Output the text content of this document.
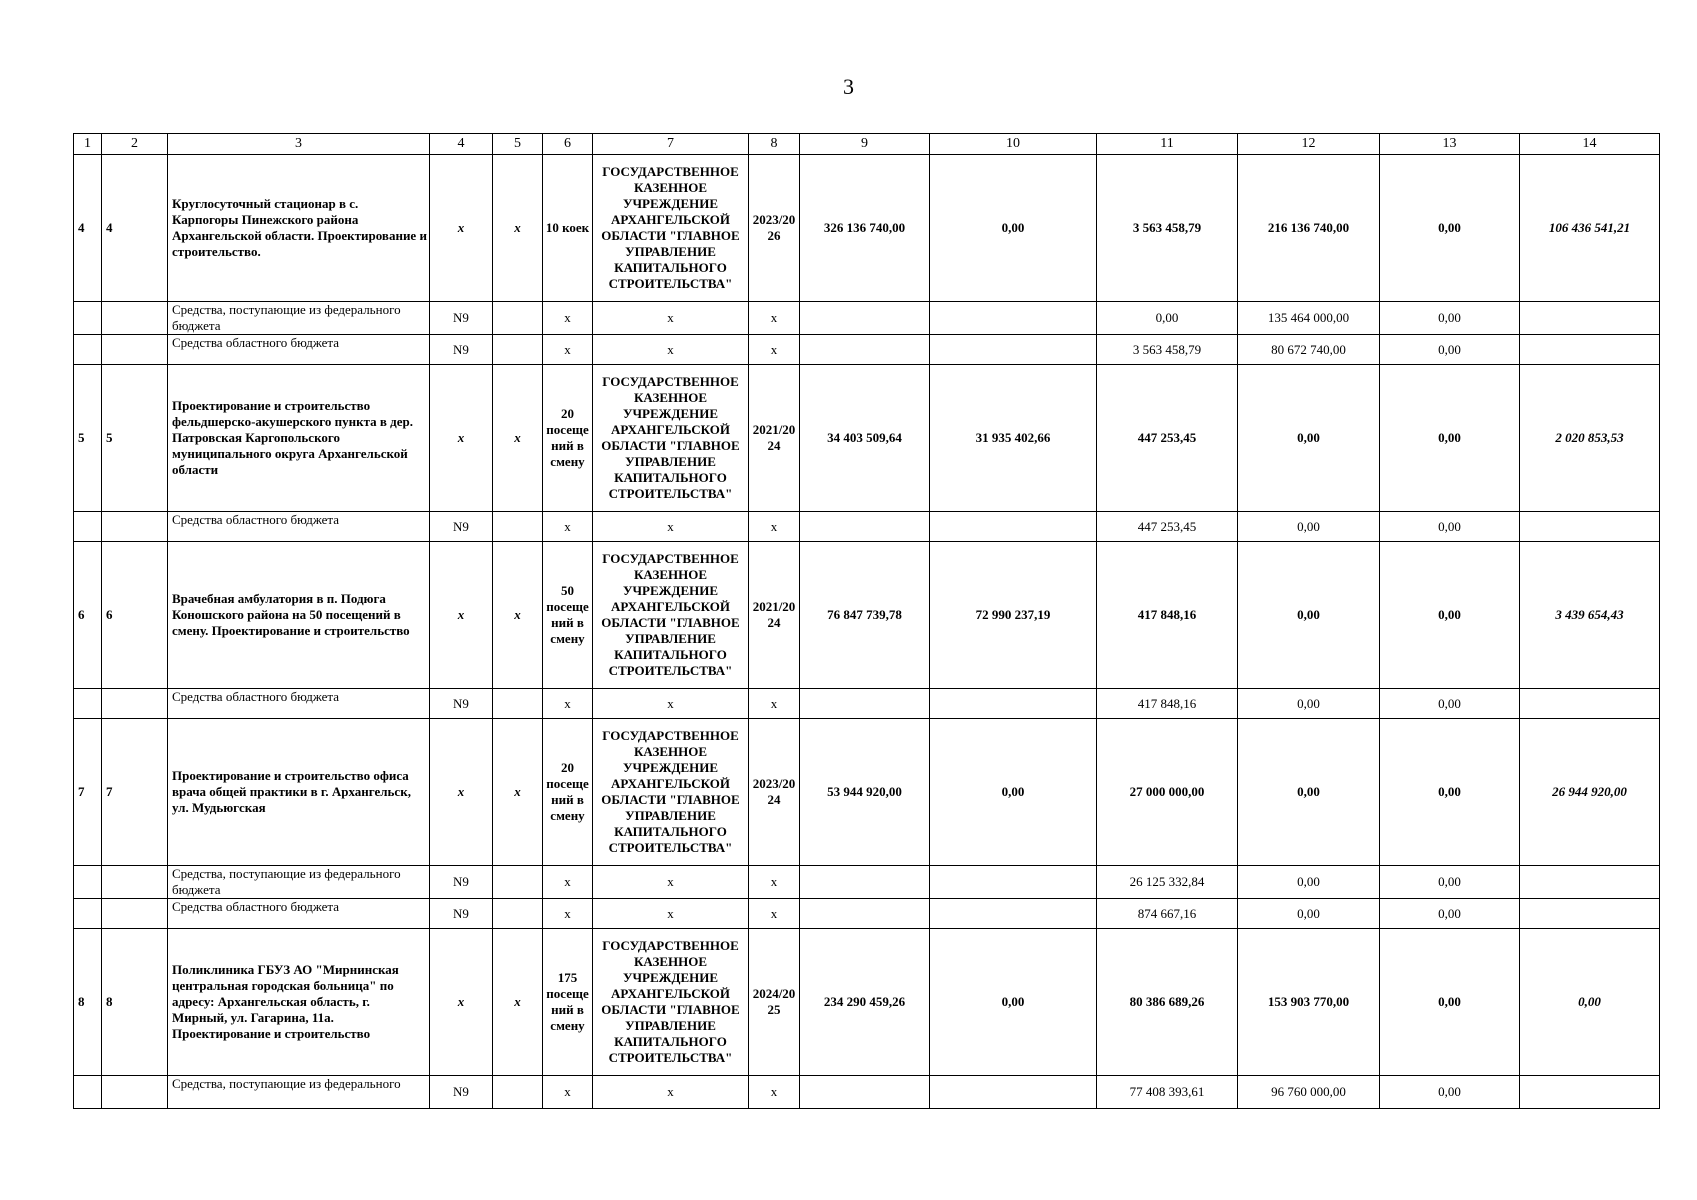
3
1	2	3	4	5	6	7	8	9	10	11	12	13	14
4	4	Круглосуточный стационар в с. Карпогоры Пинежского района Архангельской области. Проектирование и строительство.	x	x	10 коек	ГОСУДАРСТВЕННОЕ КАЗЕННОЕ УЧРЕЖДЕНИЕ АРХАНГЕЛЬСКОЙ ОБЛАСТИ "ГЛАВНОЕ УПРАВЛЕНИЕ КАПИТАЛЬНОГО СТРОИТЕЛЬСТВА"	2023/2026	326 136 740,00	0,00	3 563 458,79	216 136 740,00	0,00	106 436 541,21
		Средства, поступающие из федерального бюджета	N9		x	x	x			0,00	135 464 000,00	0,00	
		Средства областного бюджета	N9		x	x	x			3 563 458,79	80 672 740,00	0,00	
5	5	Проектирование и строительство фельдшерско-акушерского пункта в дер. Патровская Каргопольского муниципального округа Архангельской области	x	x	20 посещений в смену	ГОСУДАРСТВЕННОЕ КАЗЕННОЕ УЧРЕЖДЕНИЕ АРХАНГЕЛЬСКОЙ ОБЛАСТИ "ГЛАВНОЕ УПРАВЛЕНИЕ КАПИТАЛЬНОГО СТРОИТЕЛЬСТВА"	2021/2024	34 403 509,64	31 935 402,66	447 253,45	0,00	0,00	2 020 853,53
		Средства областного бюджета	N9		x	x	x			447 253,45	0,00	0,00	
6	6	Врачебная амбулатория в п. Подюга Коношского района на 50 посещений в смену. Проектирование и строительство	x	x	50 посещений в смену	ГОСУДАРСТВЕННОЕ КАЗЕННОЕ УЧРЕЖДЕНИЕ АРХАНГЕЛЬСКОЙ ОБЛАСТИ "ГЛАВНОЕ УПРАВЛЕНИЕ КАПИТАЛЬНОГО СТРОИТЕЛЬСТВА"	2021/2024	76 847 739,78	72 990 237,19	417 848,16	0,00	0,00	3 439 654,43
		Средства областного бюджета	N9		x	x	x			417 848,16	0,00	0,00	
7	7	Проектирование и строительство офиса врача общей практики в г. Архангельск, ул. Мудьюгская	x	x	20 посещений в смену	ГОСУДАРСТВЕННОЕ КАЗЕННОЕ УЧРЕЖДЕНИЕ АРХАНГЕЛЬСКОЙ ОБЛАСТИ "ГЛАВНОЕ УПРАВЛЕНИЕ КАПИТАЛЬНОГО СТРОИТЕЛЬСТВА"	2023/2024	53 944 920,00	0,00	27 000 000,00	0,00	0,00	26 944 920,00
		Средства, поступающие из федерального бюджета	N9		x	x	x			26 125 332,84	0,00	0,00	
		Средства областного бюджета	N9		x	x	x			874 667,16	0,00	0,00	
8	8	Поликлиника ГБУЗ АО "Мирнинская центральная городская больница" по адресу: Архангельская область, г. Мирный, ул. Гагарина, 11а. Проектирование и строительство	x	x	175 посещений в смену	ГОСУДАРСТВЕННОЕ КАЗЕННОЕ УЧРЕЖДЕНИЕ АРХАНГЕЛЬСКОЙ ОБЛАСТИ "ГЛАВНОЕ УПРАВЛЕНИЕ КАПИТАЛЬНОГО СТРОИТЕЛЬСТВА"	2024/2025	234 290 459,26	0,00	80 386 689,26	153 903 770,00	0,00	0,00
		Средства, поступающие из федерального	N9		x	x	x			77 408 393,61	96 760 000,00	0,00	
